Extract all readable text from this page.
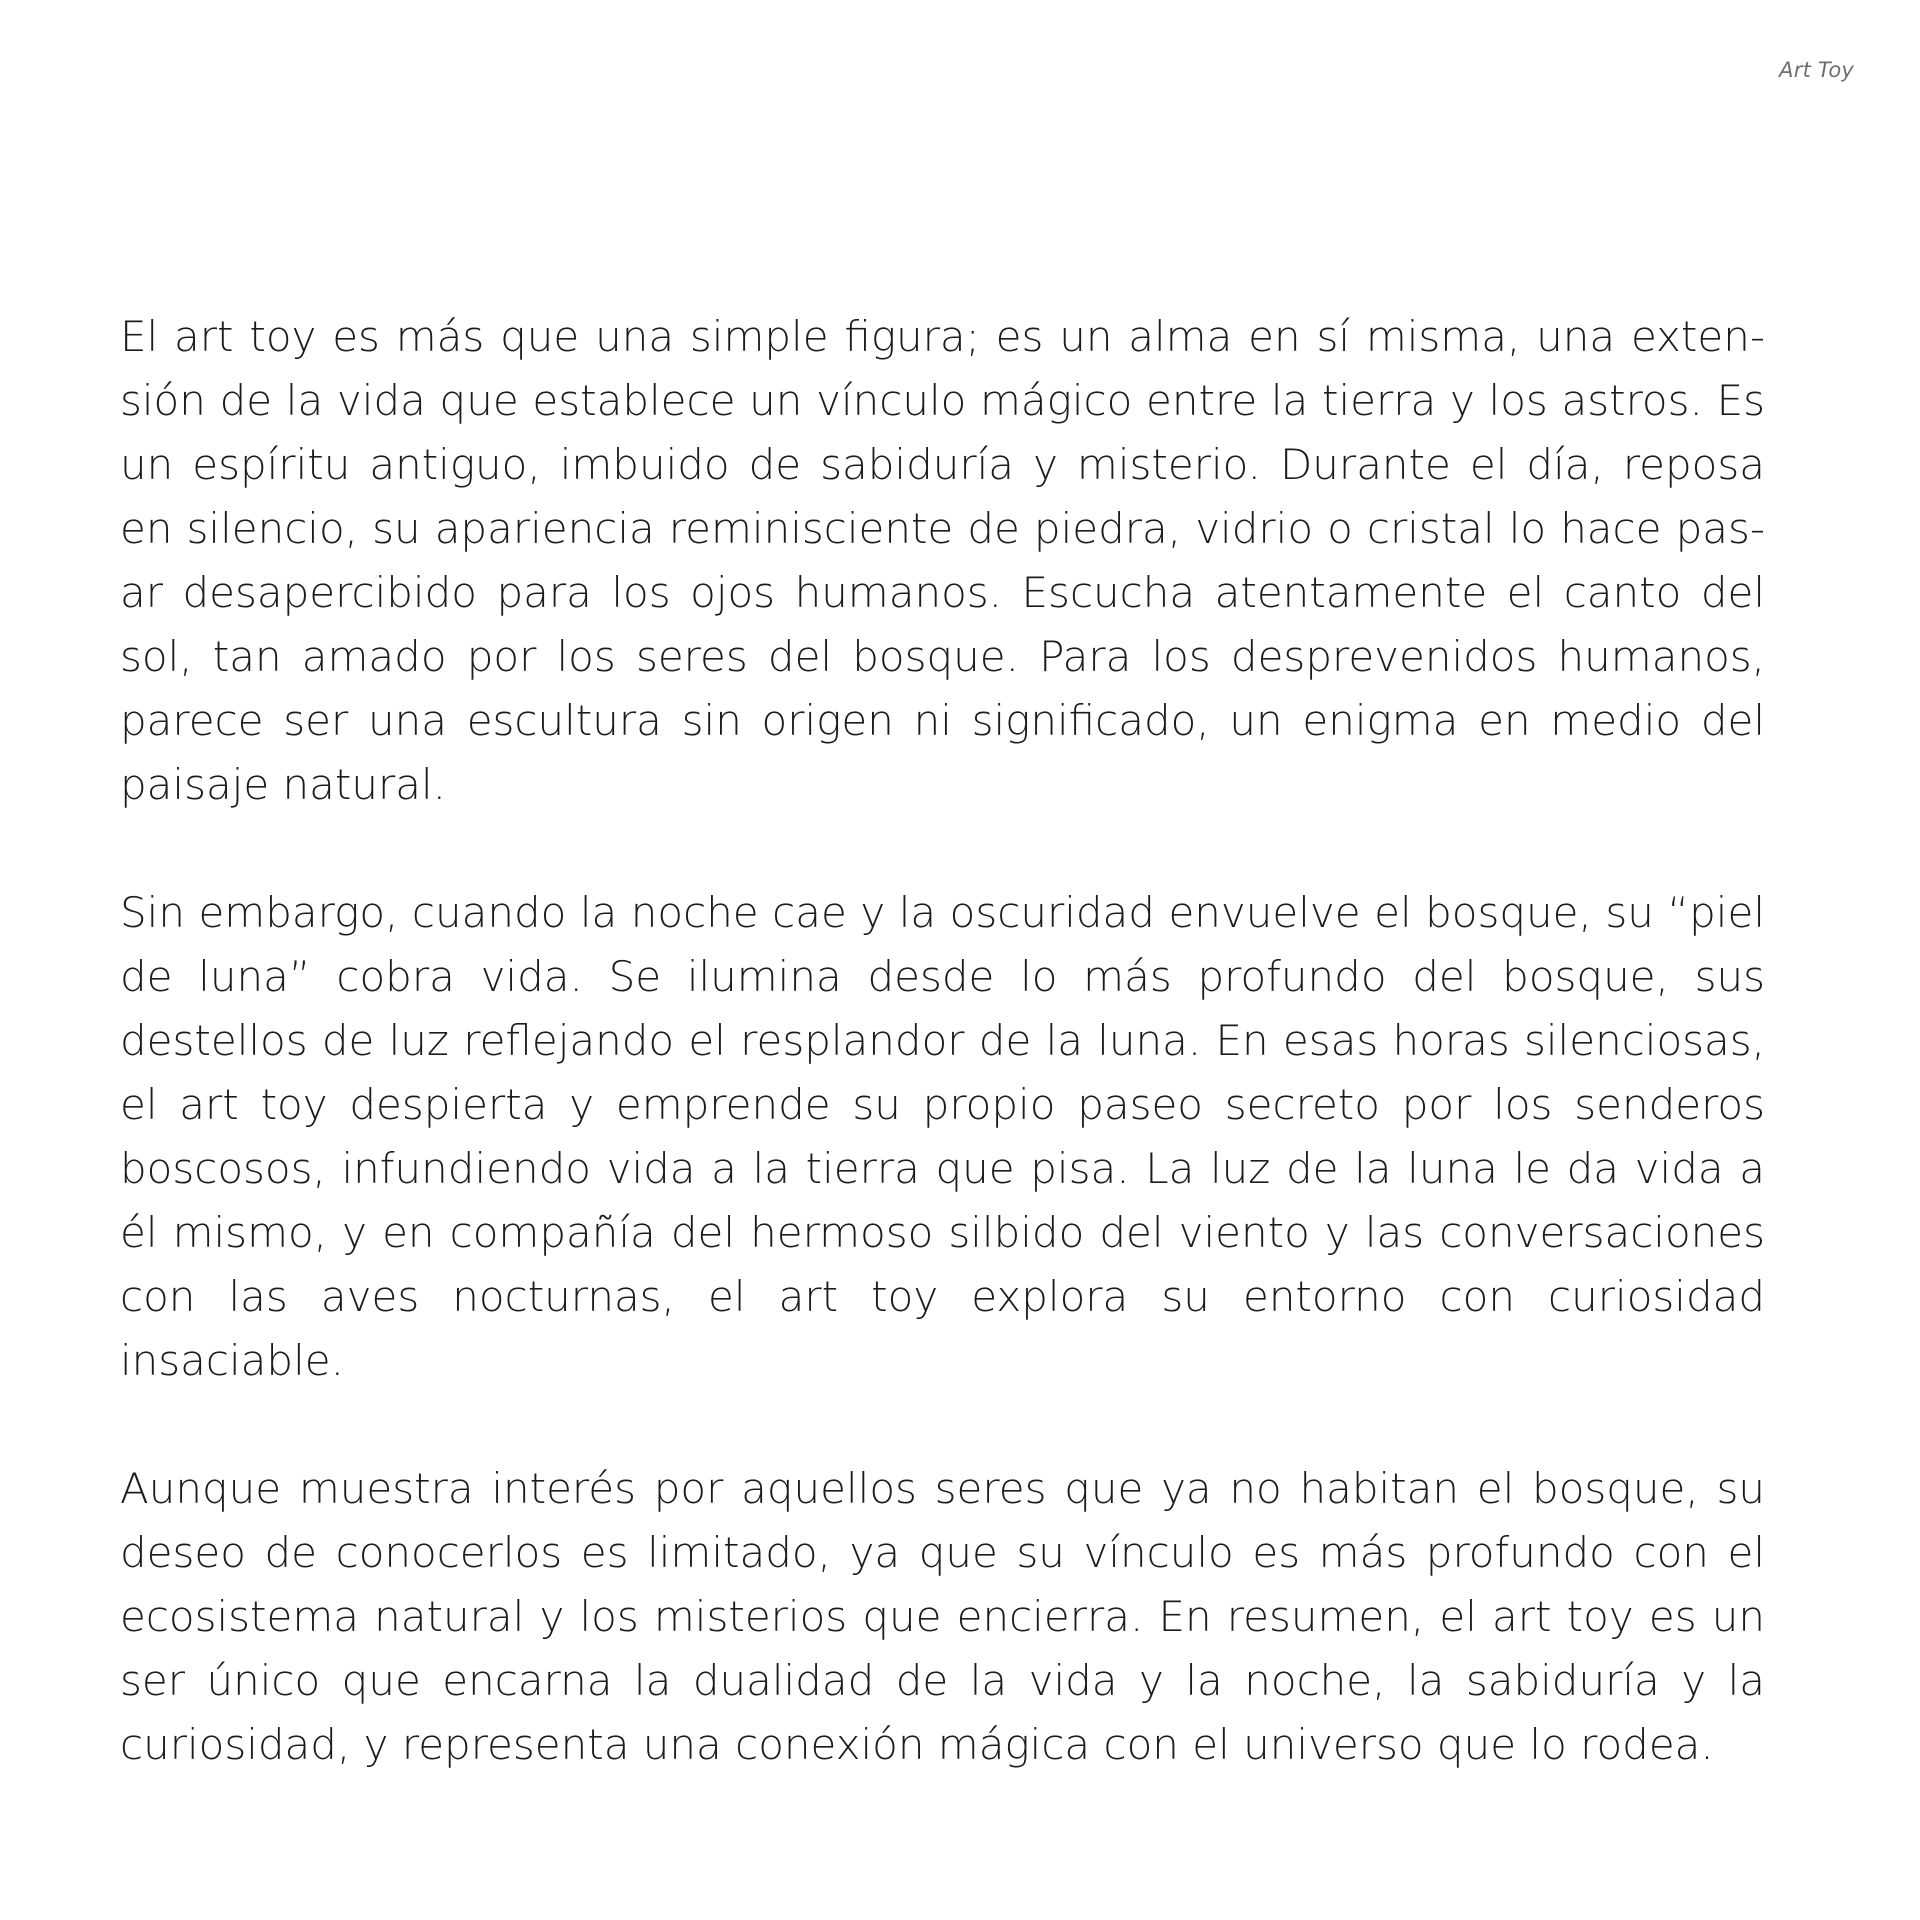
Art Toy

El art toy es más que una simple figura; es un alma en sí misma, una extensión de la vida que establece un vínculo mágico entre la tierra y los astros. Es un espíritu antiguo, imbuido de sabiduría y misterio. Durante el día, reposa en silencio, su apariencia reminisciente de piedra, vidrio o cristal lo hace pasar desapercibido para los ojos humanos. Escucha atentamente el canto del sol, tan amado por los seres del bosque. Para los desprevenidos humanos, parece ser una escultura sin origen ni significado, un enigma en medio del paisaje natural.

Sin embargo, cuando la noche cae y la oscuridad envuelve el bosque, su “piel de luna” cobra vida. Se ilumina desde lo más profundo del bosque, sus destellos de luz reflejando el resplandor de la luna. En esas horas silenciosas, el art toy despierta y emprende su propio paseo secreto por los senderos boscosos, infundiendo vida a la tierra que pisa. La luz de la luna le da vida a él mismo, y en compañía del hermoso silbido del viento y las conversaciones con las aves nocturnas, el art toy explora su entorno con curiosidad insaciable.

Aunque muestra interés por aquellos seres que ya no habitan el bosque, su deseo de conocerlos es limitado, ya que su vínculo es más profundo con el ecosistema natural y los misterios que encierra. En resumen, el art toy es un ser único que encarna la dualidad de la vida y la noche, la sabiduría y la curiosidad, y representa una conexión mágica con el universo que lo rodea.
